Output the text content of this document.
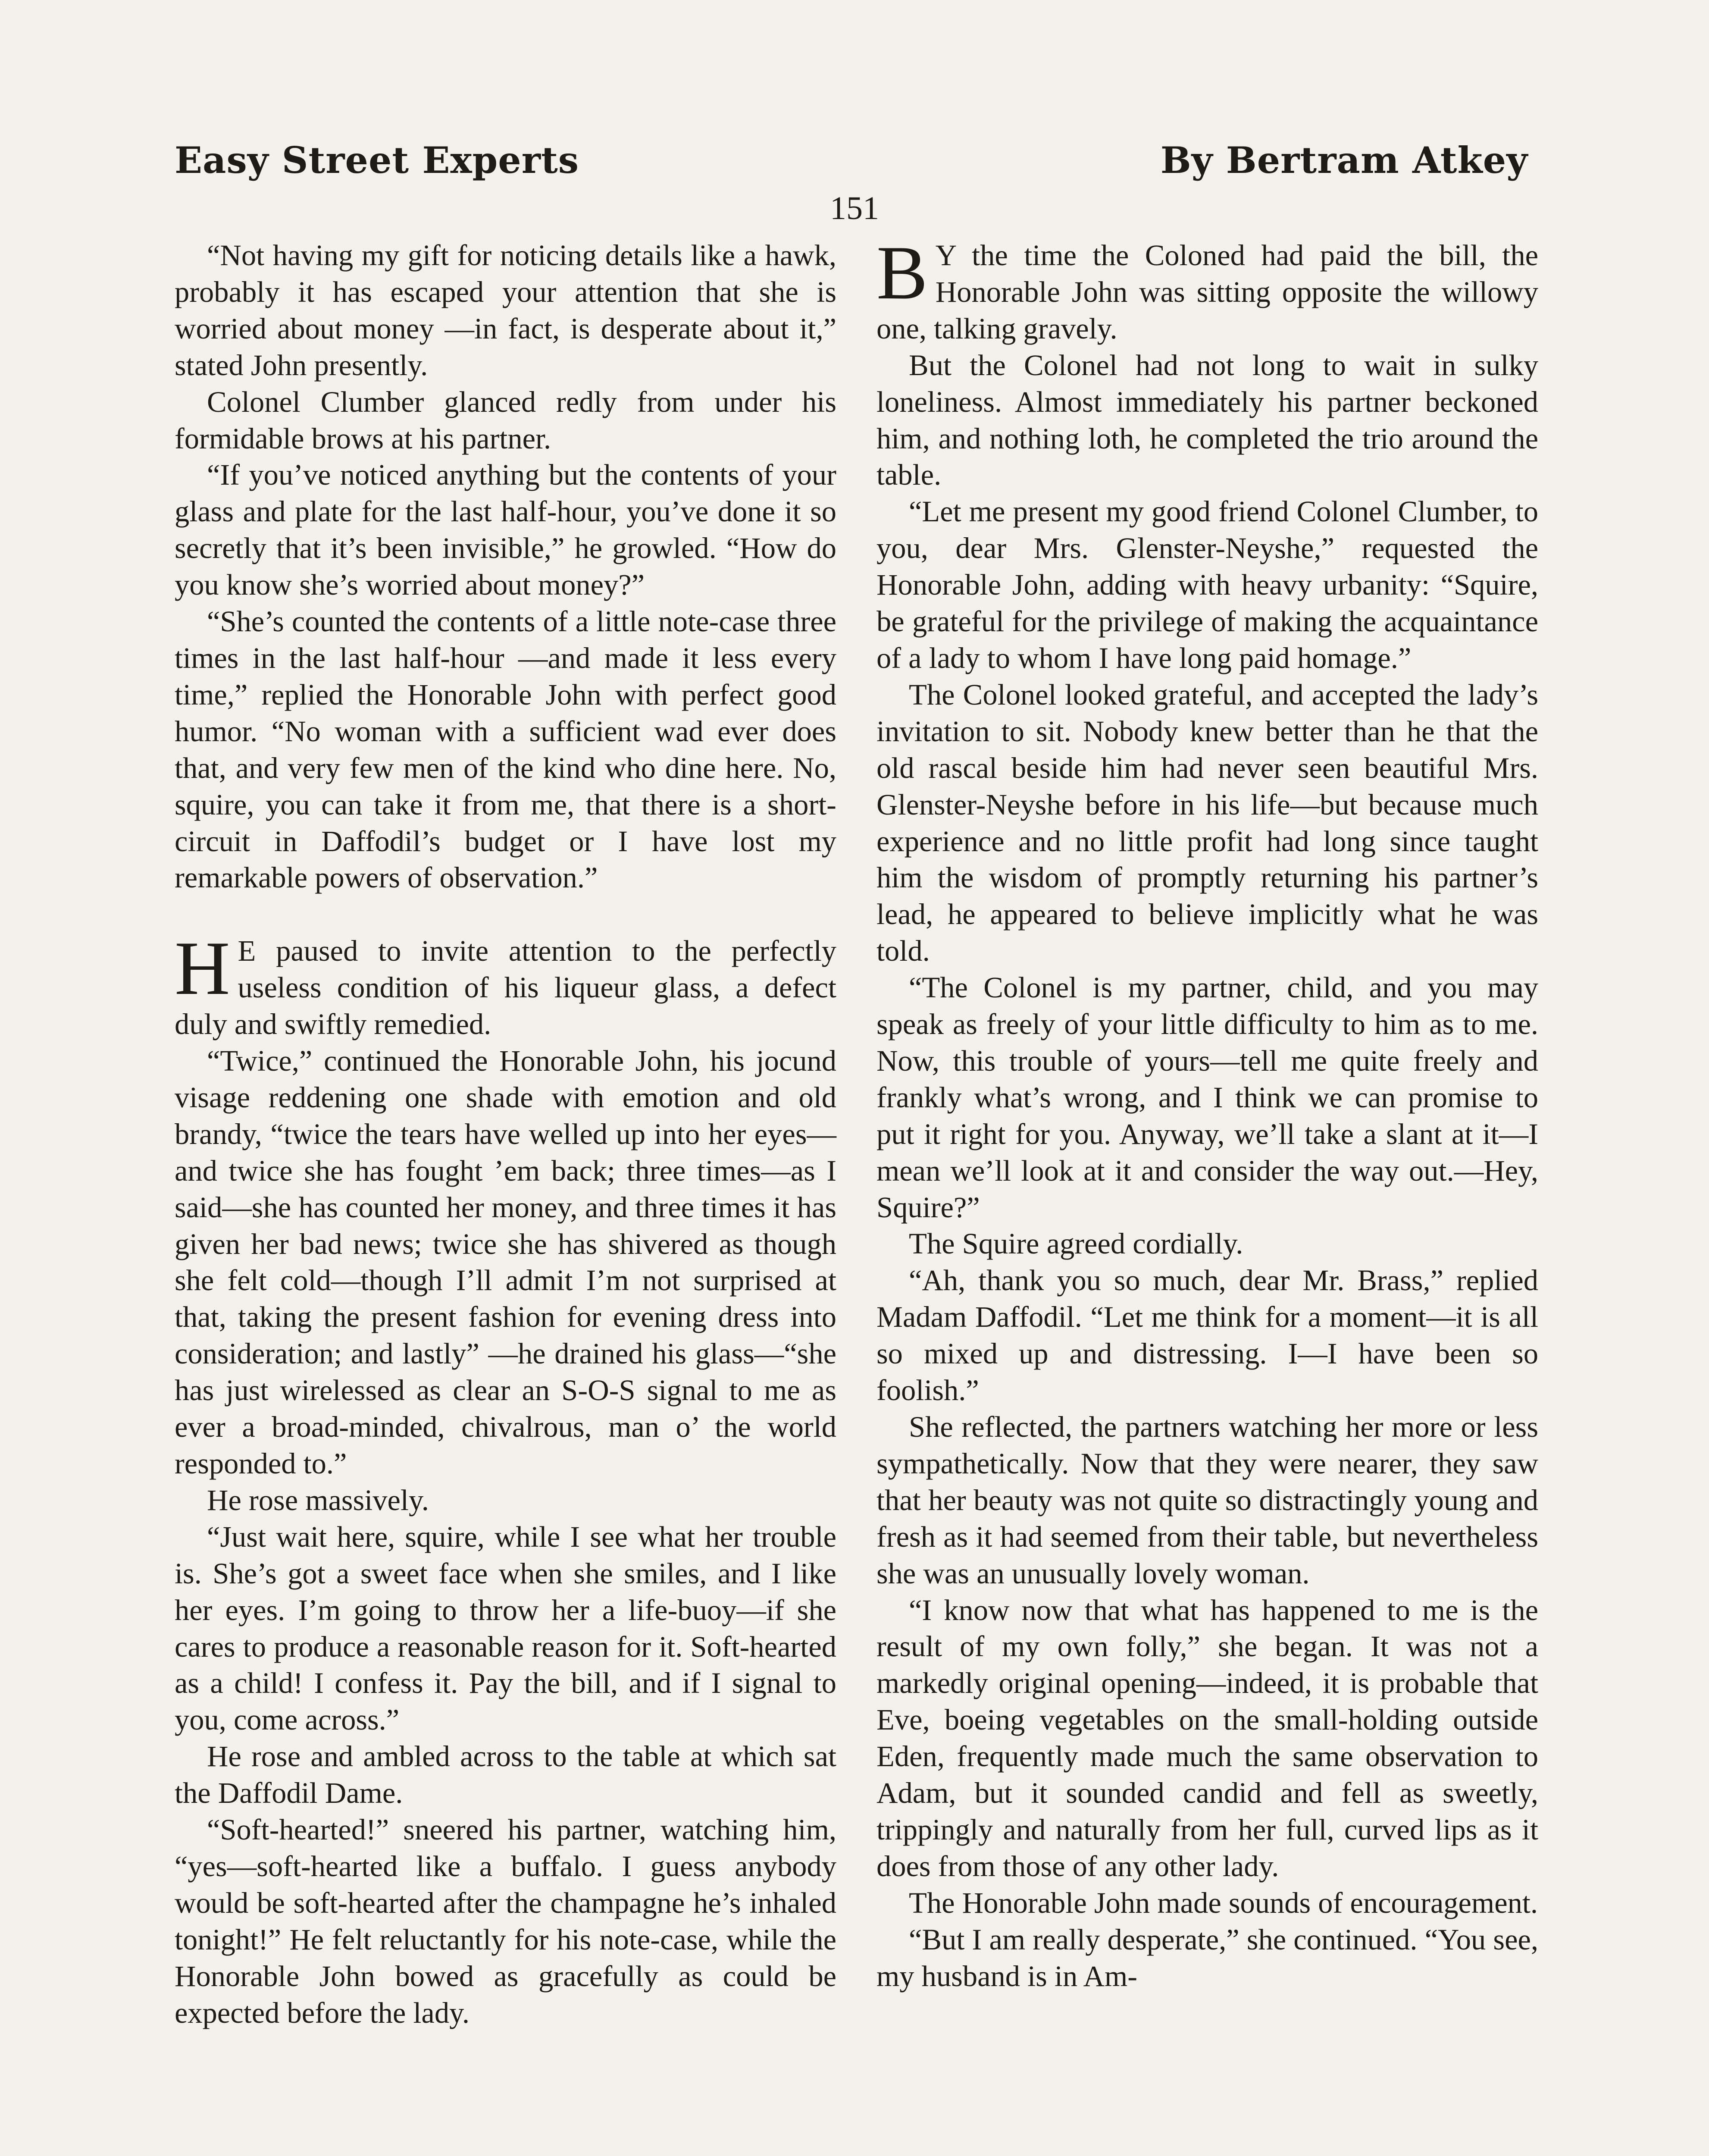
Easy Street Experts	By Bertram Atkey
151

“Not having my gift for noticing details like a hawk, probably it has escaped your attention that she is worried about money —in fact, is desperate about it,” stated John presently.

Colonel Clumber glanced redly from under his formidable brows at his partner.

“If you’ve noticed anything but the contents of your glass and plate for the last half-hour, you’ve done it so secretly that it’s been invisible,” he growled. “How do you know she’s worried about money?”

“She’s counted the contents of a little note-case three times in the last half-hour —and made it less every time,” replied the Honorable John with perfect good humor. “No woman with a sufficient wad ever does that, and very few men of the kind who dine here. No, squire, you can take it from me, that there is a short-circuit in Daffodil’s budget or I have lost my remarkable powers of observation.”

H E paused to invite attention to the perfectly useless condition of his liqueur glass, a defect duly and swiftly remedied.

“Twice,” continued the Honorable John, his jocund visage reddening one shade with emotion and old brandy, “twice the tears have welled up into her eyes—and twice she has fought ’em back; three times—as I said—she has counted her money, and three times it has given her bad news; twice she has shivered as though she felt cold—though I’ll admit I’m not surprised at that, taking the present fashion for evening dress into consideration; and lastly” —he drained his glass—“she has just wirelessed as clear an S-O-S signal to me as ever a broad-minded, chivalrous, man o’ the world responded to.”

He rose massively.

“Just wait here, squire, while I see what her trouble is. She’s got a sweet face when she smiles, and I like her eyes. I’m going to throw her a life-buoy—if she cares to produce a reasonable reason for it. Soft-hearted as a child! I confess it. Pay the bill, and if I signal to you, come across.”

He rose and ambled across to the table at which sat the Daffodil Dame.

“Soft-hearted!” sneered his partner, watching him, “yes—soft-hearted like a buffalo. I guess anybody would be soft-hearted after the champagne he’s inhaled tonight!” He felt reluctantly for his note-case, while the Honorable John bowed as gracefully as could be expected before the lady.

B Y the time the Coloned had paid the bill, the Honorable John was sitting opposite the willowy one, talking gravely.

But the Colonel had not long to wait in sulky loneliness. Almost immediately his partner beckoned him, and nothing loth, he completed the trio around the table.

“Let me present my good friend Colonel Clumber, to you, dear Mrs. Glenster-Neyshe,” requested the Honorable John, adding with heavy urbanity: “Squire, be grateful for the privilege of making the acquaintance of a lady to whom I have long paid homage.”

The Colonel looked grateful, and accepted the lady’s invitation to sit. Nobody knew better than he that the old rascal beside him had never seen beautiful Mrs. Glenster-Neyshe before in his life—but because much experience and no little profit had long since taught him the wisdom of promptly returning his partner’s lead, he appeared to believe implicitly what he was told.

“The Colonel is my partner, child, and you may speak as freely of your little difficulty to him as to me. Now, this trouble of yours—tell me quite freely and frankly what’s wrong, and I think we can promise to put it right for you. Anyway, we’ll take a slant at it—I mean we’ll look at it and consider the way out.—Hey, Squire?”

The Squire agreed cordially.

“Ah, thank you so much, dear Mr. Brass,” replied Madam Daffodil. “Let me think for a moment—it is all so mixed up and distressing. I—I have been so foolish.”

She reflected, the partners watching her more or less sympathetically. Now that they were nearer, they saw that her beauty was not quite so distractingly young and fresh as it had seemed from their table, but nevertheless she was an unusually lovely woman.

“I know now that what has happened to me is the result of my own folly,” she began. It was not a markedly original opening—indeed, it is probable that Eve, boeing vegetables on the small-holding outside Eden, frequently made much the same observation to Adam, but it sounded candid and fell as sweetly, trippingly and naturally from her full, curved lips as it does from those of any other lady.

The Honorable John made sounds of encouragement.

“But I am really desperate,” she continued. “You see, my husband is in Am-
